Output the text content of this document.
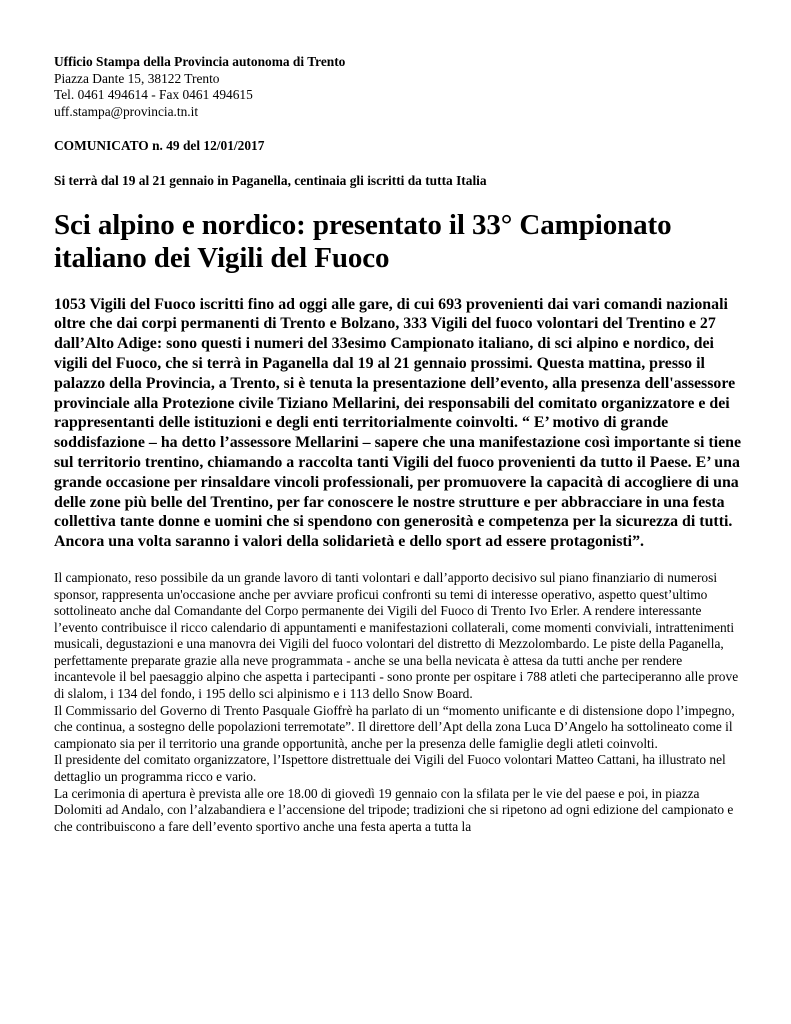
Ufficio Stampa della Provincia autonoma di Trento
Piazza Dante 15, 38122 Trento
Tel. 0461 494614 - Fax 0461 494615
uff.stampa@provincia.tn.it
COMUNICATO n. 49 del 12/01/2017
Si terrà dal 19 al 21 gennaio in Paganella, centinaia gli iscritti da tutta Italia
Sci alpino e nordico: presentato il 33° Campionato italiano dei Vigili del Fuoco
1053 Vigili del Fuoco iscritti fino ad oggi alle gare, di cui 693 provenienti dai vari comandi nazionali oltre che dai corpi permanenti di Trento e Bolzano, 333 Vigili del fuoco volontari del Trentino e 27 dall’Alto Adige: sono questi i numeri del 33esimo Campionato italiano, di sci alpino e nordico, dei vigili del Fuoco, che si terrà in Paganella dal 19 al 21 gennaio prossimi. Questa mattina, presso il palazzo della Provincia, a Trento, si è tenuta la presentazione dell’evento, alla presenza dell'assessore provinciale alla Protezione civile Tiziano Mellarini, dei responsabili del comitato organizzatore e dei rappresentanti delle istituzioni e degli enti territorialmente coinvolti. “ E’ motivo di grande soddisfazione – ha detto l’assessore Mellarini – sapere che una manifestazione così importante si tiene sul territorio trentino, chiamando a raccolta tanti Vigili del fuoco provenienti da tutto il Paese. E’ una grande occasione per rinsaldare vincoli professionali, per promuovere la capacità di accogliere di una delle zone più belle del Trentino, per far conoscere le nostre strutture e per abbracciare in una festa collettiva tante donne e uomini che si spendono con generosità e competenza per la sicurezza di tutti. Ancora una volta saranno i valori della solidarietà e dello sport ad essere protagonisti”.

Il campionato, reso possibile da un grande lavoro di tanti volontari e dall’apporto decisivo sul piano finanziario di numerosi sponsor, rappresenta un'occasione anche per avviare proficui confronti su temi di interesse operativo, aspetto quest’ultimo sottolineato anche dal Comandante del Corpo permanente dei Vigili del Fuoco di Trento Ivo Erler. A rendere interessante l’evento contribuisce il ricco calendario di appuntamenti e manifestazioni collaterali, come momenti conviviali, intrattenimenti musicali, degustazioni e una manovra dei Vigili del fuoco volontari del distretto di Mezzolombardo. Le piste della Paganella, perfettamente preparate grazie alla neve programmata - anche se una bella nevicata è attesa da tutti anche per rendere incantevole il bel paesaggio alpino che aspetta i partecipanti - sono pronte per ospitare i 788 atleti che parteciperanno alle prove di slalom, i 134 del fondo, i 195 dello sci alpinismo e i 113 dello Snow Board.

Il Commissario del Governo di Trento Pasquale Gioffrè ha parlato di un “momento unificante e di distensione dopo l’impegno, che continua, a sostegno delle popolazioni terremotate”. Il direttore dell’Apt della zona Luca D’Angelo ha sottolineato come il campionato sia per il territorio una grande opportunità, anche per la presenza delle famiglie degli atleti coinvolti.

Il presidente del comitato organizzatore, l’Ispettore distrettuale dei Vigili del Fuoco volontari Matteo Cattani, ha illustrato nel dettaglio un programma ricco e vario.

La cerimonia di apertura è prevista alle ore 18.00 di giovedì 19 gennaio con la sfilata per le vie del paese e poi, in piazza Dolomiti ad Andalo, con l’alzabandiera e l’accensione del tripode; tradizioni che si ripetono ad ogni edizione del campionato e che contribuiscono a fare dell’evento sportivo anche una festa aperta a tutta la
